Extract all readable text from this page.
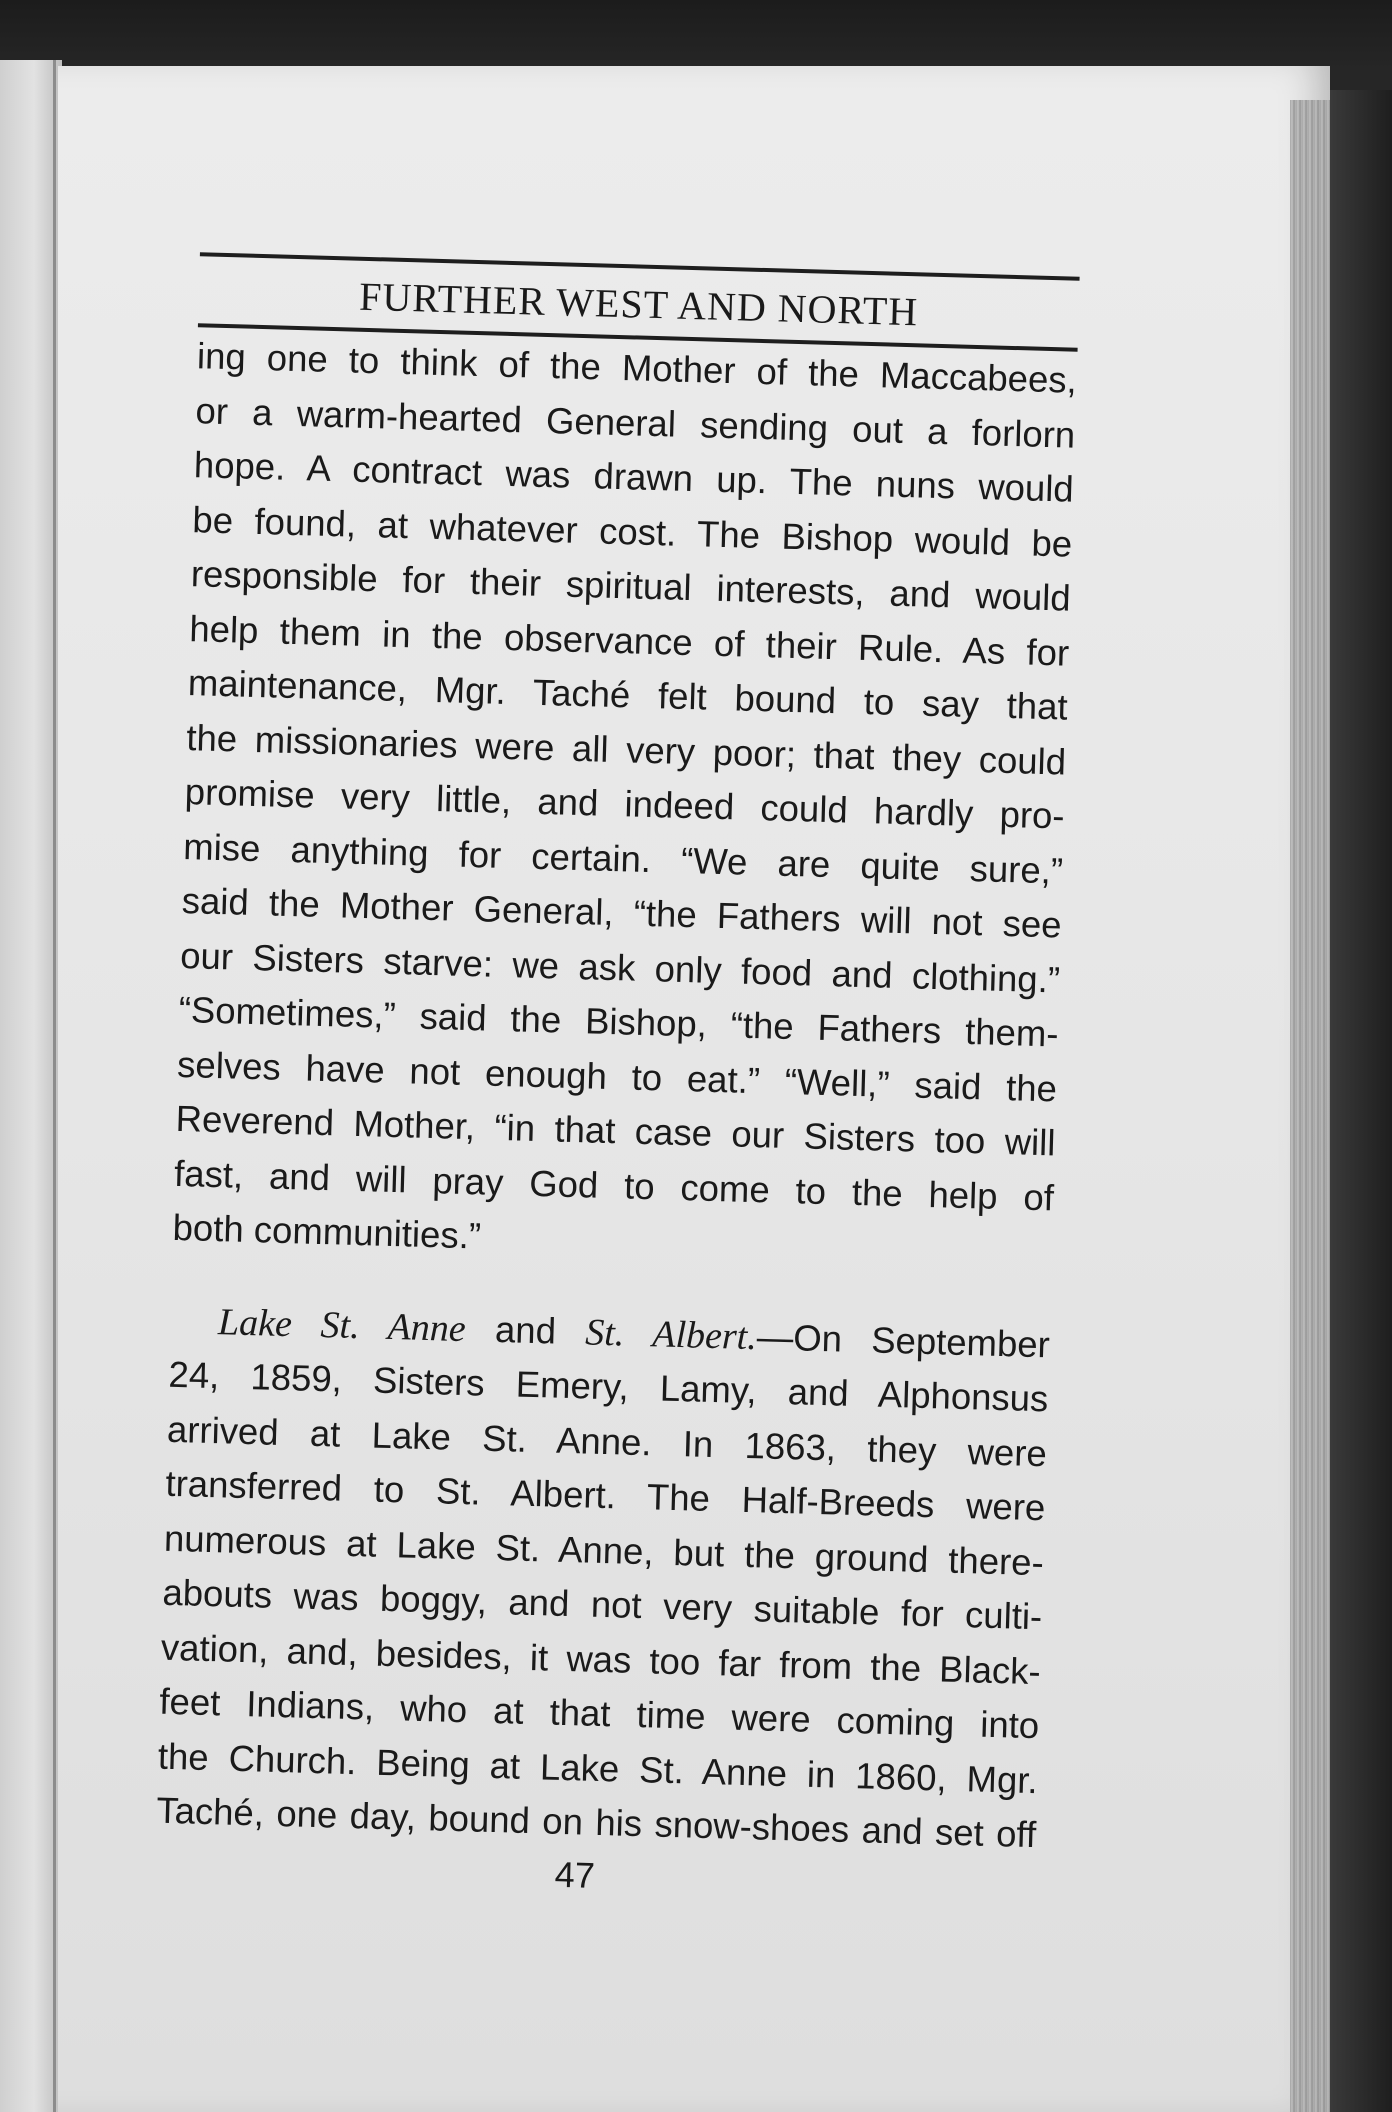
FURTHER WEST AND NORTH
ing one to think of the Mother of the Maccabees,
or a warm-hearted General sending out a forlorn
hope. A contract was drawn up. The nuns would
be found, at whatever cost. The Bishop would be
responsible for their spiritual interests, and would
help them in the observance of their Rule. As for
maintenance, Mgr. Taché felt bound to say that
the missionaries were all very poor; that they could
promise very little, and indeed could hardly pro-
mise anything for certain. “We are quite sure,”
said the Mother General, “the Fathers will not see
our Sisters starve: we ask only food and clothing.”
“Sometimes,” said the Bishop, “the Fathers them-
selves have not enough to eat.” “Well,” said the
Reverend Mother, “in that case our Sisters too will
fast, and will pray God to come to the help of
both communities.”
Lake St. Anne and St. Albert.—On September
24, 1859, Sisters Emery, Lamy, and Alphonsus
arrived at Lake St. Anne. In 1863, they were
transferred to St. Albert. The Half-Breeds were
numerous at Lake St. Anne, but the ground there-
abouts was boggy, and not very suitable for culti-
vation, and, besides, it was too far from the Black-
feet Indians, who at that time were coming into
the Church. Being at Lake St. Anne in 1860, Mgr.
Taché, one day, bound on his snow-shoes and set off
47
